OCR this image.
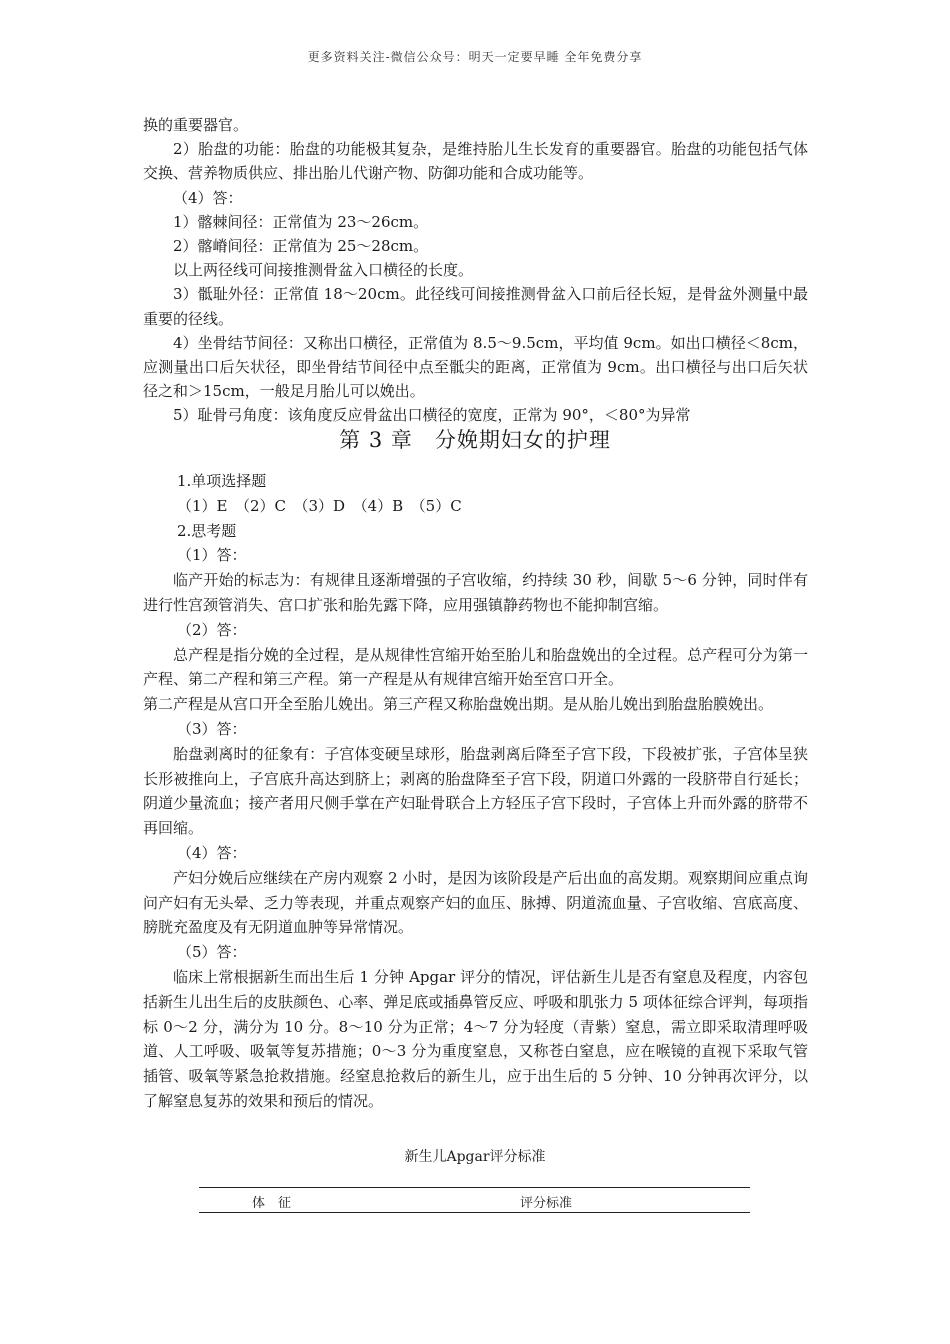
更多资料关注-微信公众号：明天一定要早睡 全年免费分享

换的重要器官。

2）胎盘的功能：胎盘的功能极其复杂，是维持胎儿生长发育的重要器官。胎盘的功能包括气体交换、营养物质供应、排出胎儿代谢产物、防御功能和合成功能等。

（4）答：

1）髂棘间径：正常值为 23～26cm。

2）髂嵴间径：正常值为 25～28cm。

以上两径线可间接推测骨盆入口横径的长度。

3）骶耻外径：正常值 18～20cm。此径线可间接推测骨盆入口前后径长短，是骨盆外测量中最重要的径线。

4）坐骨结节间径：又称出口横径，正常值为 8.5～9.5cm，平均值 9cm。如出口横径＜8cm，应测量出口后矢状径，即坐骨结节间径中点至骶尖的距离，正常值为 9cm。出口横径与出口后矢状径之和＞15cm，一般足月胎儿可以娩出。

5）耻骨弓角度：该角度反应骨盆出口横径的宽度，正常为 90°，＜80°为异常

第 3 章　分娩期妇女的护理

1.单项选择题

（1）E　（2）C　（3）D　（4）B　（5）C

2.思考题

（1）答：

临产开始的标志为：有规律且逐渐增强的子宫收缩，约持续 30 秒，间歇 5～6 分钟，同时伴有进行性宫颈管消失、宫口扩张和胎先露下降，应用强镇静药物也不能抑制宫缩。

（2）答：

总产程是指分娩的全过程，是从规律性宫缩开始至胎儿和胎盘娩出的全过程。总产程可分为第一产程、第二产程和第三产程。第一产程是从有规律宫缩开始至宫口开全。

第二产程是从宫口开全至胎儿娩出。第三产程又称胎盘娩出期。是从胎儿娩出到胎盘胎膜娩出。

（3）答：

胎盘剥离时的征象有：子宫体变硬呈球形，胎盘剥离后降至子宫下段，下段被扩张，子宫体呈狭长形被推向上，子宫底升高达到脐上；剥离的胎盘降至子宫下段，阴道口外露的一段脐带自行延长；阴道少量流血；接产者用尺侧手掌在产妇耻骨联合上方轻压子宫下段时，子宫体上升而外露的脐带不再回缩。

（4）答：

产妇分娩后应继续在产房内观察 2 小时，是因为该阶段是产后出血的高发期。观察期间应重点询问产妇有无头晕、乏力等表现，并重点观察产妇的血压、脉搏、阴道流血量、子宫收缩、宫底高度、膀胱充盈度及有无阴道血肿等异常情况。

（5）答：

临床上常根据新生而出生后 1 分钟 Apgar 评分的情况，评估新生儿是否有窒息及程度，内容包括新生儿出生后的皮肤颜色、心率、弹足底或插鼻管反应、呼吸和肌张力 5 项体征综合评判，每项指标 0～2 分，满分为 10 分。8～10 分为正常；4～7 分为轻度（青紫）窒息，需立即采取清理呼吸道、人工呼吸、吸氧等复苏措施；0～3 分为重度窒息，又称苍白窒息，应在喉镜的直视下采取气管插管、吸氧等紧急抢救措施。经窒息抢救后的新生儿，应于出生后的 5 分钟、10 分钟再次评分，以了解窒息复苏的效果和预后的情况。

新生儿Apgar评分标准
体　征	评分标准
